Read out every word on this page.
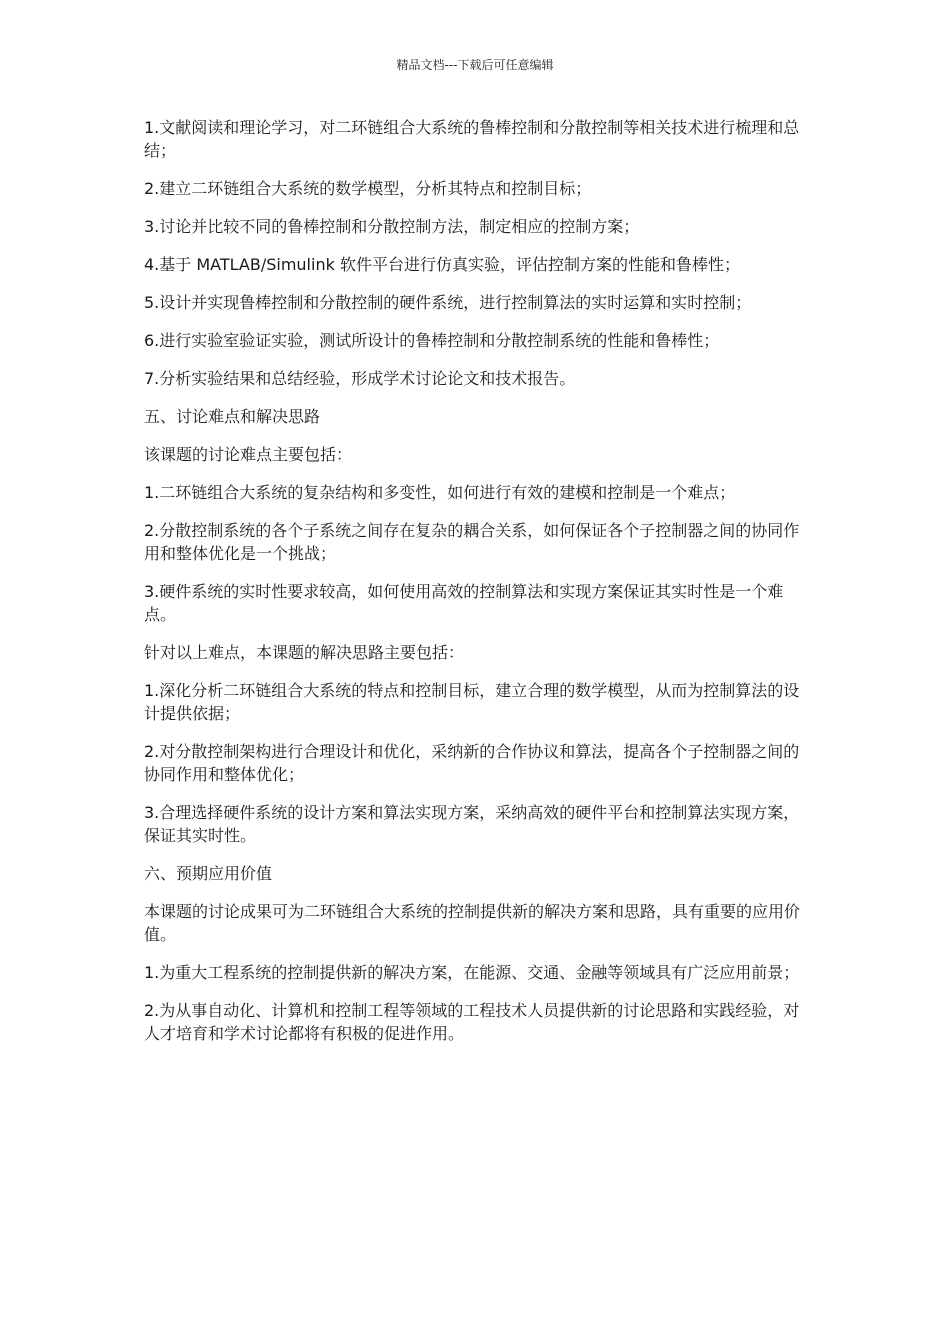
精品文档---下载后可任意编辑

1.文献阅读和理论学习，对二环链组合大系统的鲁棒控制和分散控制等相关技术进行梳理和总结；

2.建立二环链组合大系统的数学模型，分析其特点和控制目标；

3.讨论并比较不同的鲁棒控制和分散控制方法，制定相应的控制方案；

4.基于 MATLAB/Simulink 软件平台进行仿真实验，评估控制方案的性能和鲁棒性；

5.设计并实现鲁棒控制和分散控制的硬件系统，进行控制算法的实时运算和实时控制；

6.进行实验室验证实验，测试所设计的鲁棒控制和分散控制系统的性能和鲁棒性；

7.分析实验结果和总结经验，形成学术讨论论文和技术报告。

五、讨论难点和解决思路

该课题的讨论难点主要包括：

1.二环链组合大系统的复杂结构和多变性，如何进行有效的建模和控制是一个难点；

2.分散控制系统的各个子系统之间存在复杂的耦合关系，如何保证各个子控制器之间的协同作用和整体优化是一个挑战；

3.硬件系统的实时性要求较高，如何使用高效的控制算法和实现方案保证其实时性是一个难点。

针对以上难点，本课题的解决思路主要包括：

1.深化分析二环链组合大系统的特点和控制目标，建立合理的数学模型，从而为控制算法的设计提供依据；

2.对分散控制架构进行合理设计和优化，采纳新的合作协议和算法，提高各个子控制器之间的协同作用和整体优化；

3.合理选择硬件系统的设计方案和算法实现方案，采纳高效的硬件平台和控制算法实现方案，保证其实时性。

六、预期应用价值

本课题的讨论成果可为二环链组合大系统的控制提供新的解决方案和思路，具有重要的应用价值。

1.为重大工程系统的控制提供新的解决方案，在能源、交通、金融等领域具有广泛应用前景；

2.为从事自动化、计算机和控制工程等领域的工程技术人员提供新的讨论思路和实践经验，对人才培育和学术讨论都将有积极的促进作用。
